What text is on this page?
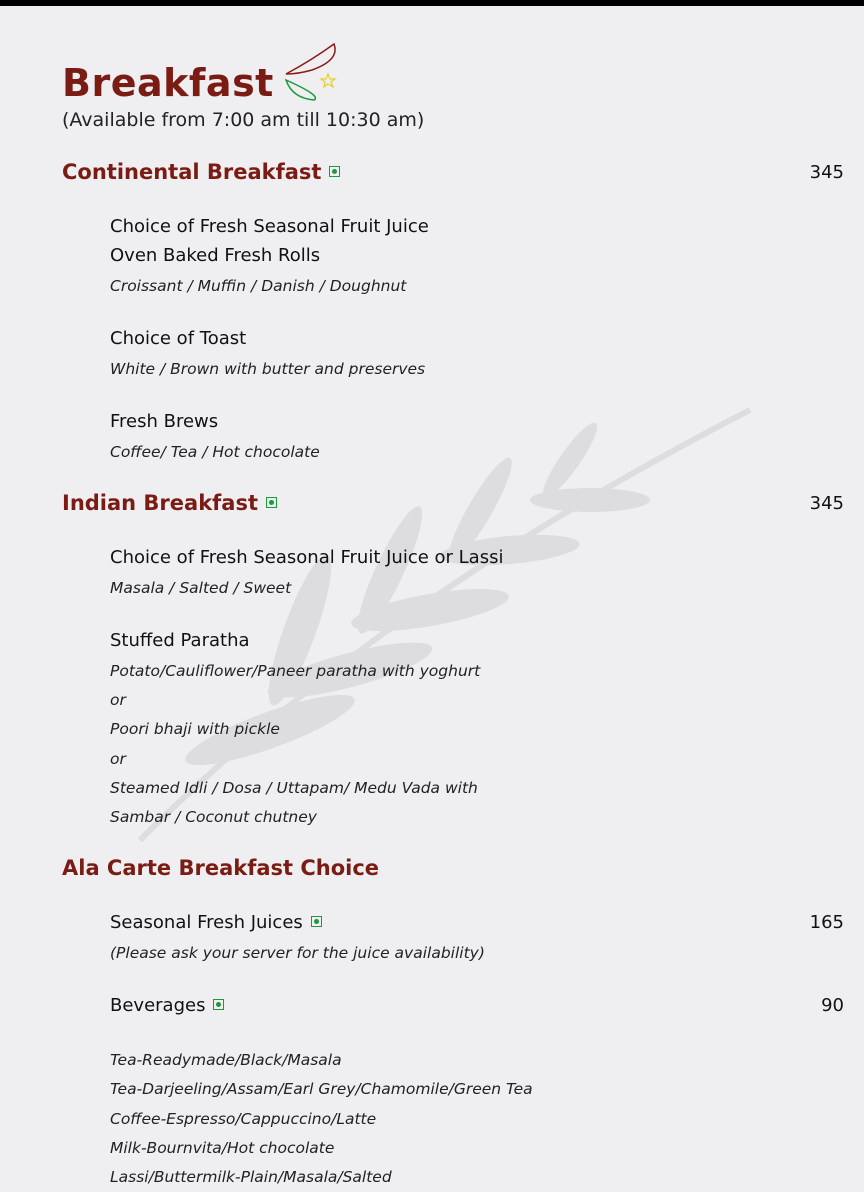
Breakfast
(Available from 7:00 am till 10:30 am)
Continental Breakfast	345
Choice of Fresh Seasonal Fruit Juice
Oven Baked Fresh Rolls
Croissant / Muffin / Danish / Doughnut
Choice of Toast
White / Brown with butter and preserves
Fresh Brews
Coffee/ Tea / Hot chocolate
Indian Breakfast	345
Choice of Fresh Seasonal Fruit Juice or Lassi
Masala / Salted / Sweet
Stuffed Paratha
Potato/Cauliflower/Paneer paratha with yoghurt
or
Poori bhaji with pickle
or
Steamed Idli / Dosa / Uttapam/ Medu Vada with
Sambar / Coconut chutney
Ala Carte Breakfast Choice
Seasonal Fresh Juices	165
(Please ask your server for the juice availability)
Beverages	90
Tea-Readymade/Black/Masala
Tea-Darjeeling/Assam/Earl Grey/Chamomile/Green Tea
Coffee-Espresso/Cappuccino/Latte
Milk-Bournvita/Hot chocolate
Lassi/Buttermilk-Plain/Masala/Salted
